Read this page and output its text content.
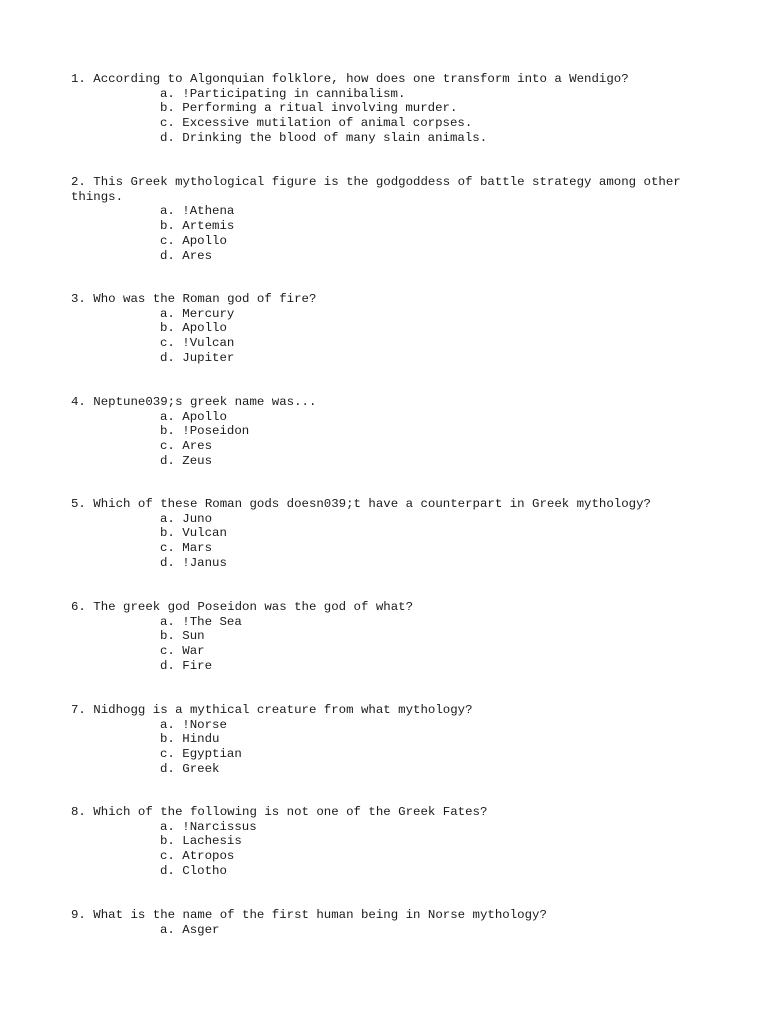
1. According to Algonquian folklore, how does one transform into a Wendigo?

a. !Participating in cannibalism.
b. Performing a ritual involving murder.
c. Excessive mutilation of animal corpses.
d. Drinking the blood of many slain animals.

2. This Greek mythological figure is the godgoddess of battle strategy among other things.

a. !Athena
b. Artemis
c. Apollo
d. Ares

3. Who was the Roman god of fire?

a. Mercury
b. Apollo
c. !Vulcan
d. Jupiter

4. Neptune039;s greek name was...

a. Apollo
b. !Poseidon
c. Ares
d. Zeus

5. Which of these Roman gods doesn039;t have a counterpart in Greek mythology?

a. Juno
b. Vulcan
c. Mars
d. !Janus

6. The greek god Poseidon was the god of what?

a. !The Sea
b. Sun
c. War
d. Fire

7. Nidhogg is a mythical creature from what mythology?

a. !Norse
b. Hindu
c. Egyptian
d. Greek

8. Which of the following is not one of the Greek Fates?

a. !Narcissus
b. Lachesis
c. Atropos
d. Clotho

9. What is the name of the first human being in Norse mythology?

a. Asger
